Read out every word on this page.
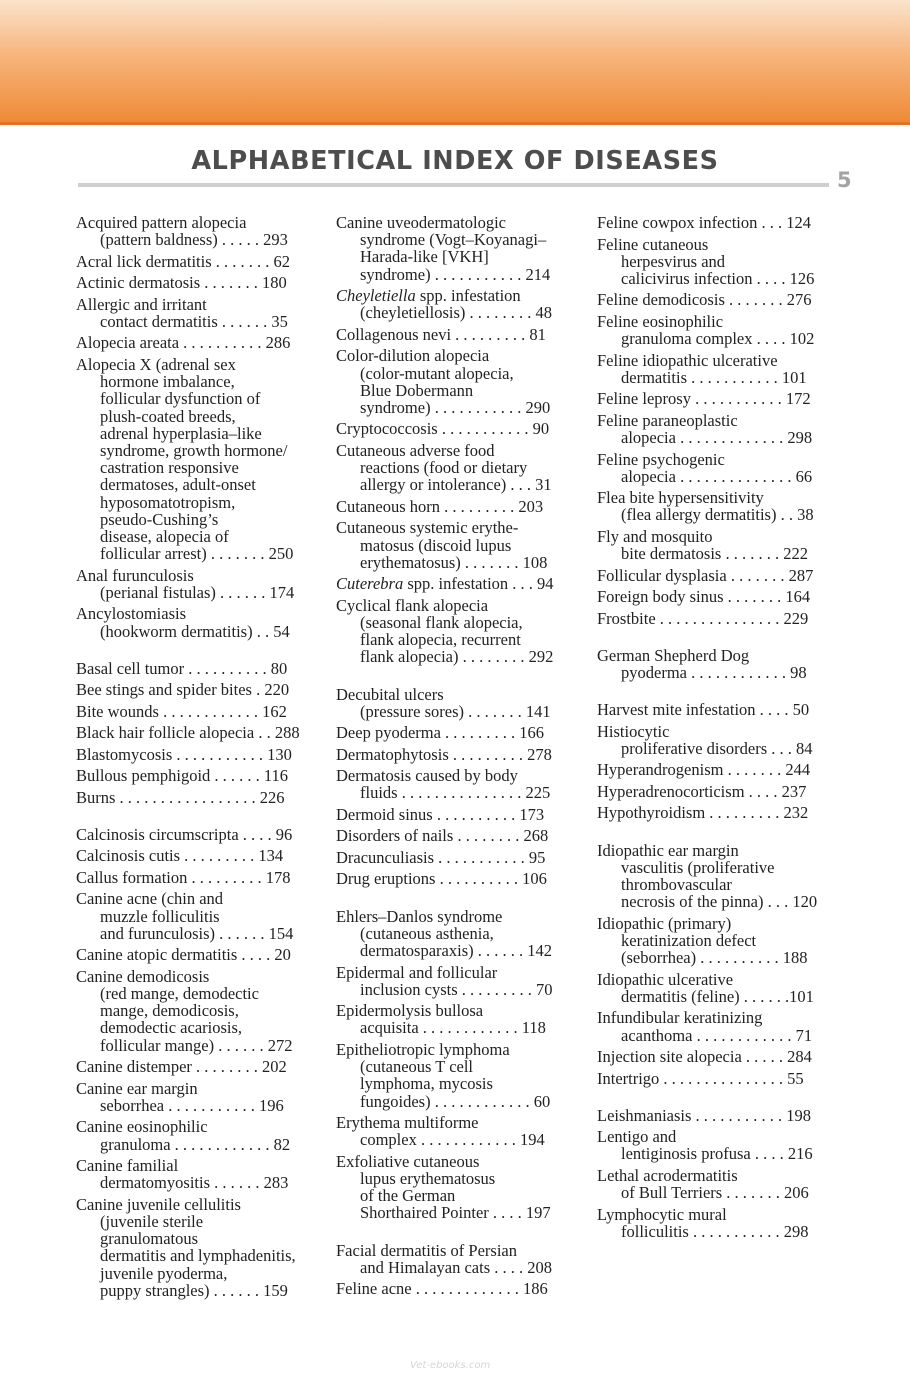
ALPHABETICAL INDEX OF DISEASES
5
Acquired pattern alopecia
(pattern baldness) . . . . . 293
Acral lick dermatitis . . . . . . . 62
Actinic dermatosis . . . . . . . 180
Allergic and irritant
contact dermatitis . . . . . . 35
Alopecia areata . . . . . . . . . . 286
Alopecia X (adrenal sex
hormone imbalance,
follicular dysfunction of
plush-coated breeds,
adrenal hyperplasia–like
syndrome, growth hormone/
castration responsive
dermatoses, adult-onset
hyposomatotropism,
pseudo-Cushing’s
disease, alopecia of
follicular arrest) . . . . . . . 250
Anal furunculosis
(perianal fistulas) . . . . . . 174
Ancylostomiasis
(hookworm dermatitis) . . 54
Basal cell tumor . . . . . . . . . . 80
Bee stings and spider bites . 220
Bite wounds . . . . . . . . . . . . 162
Black hair follicle alopecia . . 288
Blastomycosis . . . . . . . . . . . 130
Bullous pemphigoid . . . . . . 116
Burns . . . . . . . . . . . . . . . . . 226
Calcinosis circumscripta . . . . 96
Calcinosis cutis . . . . . . . . . 134
Callus formation . . . . . . . . . 178
Canine acne (chin and
muzzle folliculitis
and furunculosis) . . . . . . 154
Canine atopic dermatitis . . . . 20
Canine demodicosis
(red mange, demodectic
mange, demodicosis,
demodectic acariosis,
follicular mange) . . . . . . 272
Canine distemper . . . . . . . . 202
Canine ear margin
seborrhea . . . . . . . . . . . 196
Canine eosinophilic
granuloma . . . . . . . . . . . . 82
Canine familial
dermatomyositis . . . . . . 283
Canine juvenile cellulitis
(juvenile sterile
granulomatous
dermatitis and lymphadenitis,
juvenile pyoderma,
puppy strangles) . . . . . . 159
Canine uveodermatologic
syndrome (Vogt–Koyanagi–
Harada-like [VKH]
syndrome) . . . . . . . . . . . 214
Cheyletiella spp. infestation
(cheyletiellosis) . . . . . . . . 48
Collagenous nevi . . . . . . . . . 81
Color-dilution alopecia
(color-mutant alopecia,
Blue Dobermann
syndrome) . . . . . . . . . . . 290
Cryptococcosis . . . . . . . . . . . 90
Cutaneous adverse food
reactions (food or dietary
allergy or intolerance) . . . 31
Cutaneous horn . . . . . . . . . 203
Cutaneous systemic erythe-
matosus (discoid lupus
erythematosus) . . . . . . . 108
Cuterebra spp. infestation . . . 94
Cyclical flank alopecia
(seasonal flank alopecia,
flank alopecia, recurrent
flank alopecia) . . . . . . . . 292
Decubital ulcers
(pressure sores) . . . . . . . 141
Deep pyoderma . . . . . . . . . 166
Dermatophytosis . . . . . . . . . 278
Dermatosis caused by body
fluids . . . . . . . . . . . . . . . 225
Dermoid sinus . . . . . . . . . . 173
Disorders of nails . . . . . . . . 268
Dracunculiasis . . . . . . . . . . . 95
Drug eruptions . . . . . . . . . . 106
Ehlers–Danlos syndrome
(cutaneous asthenia,
dermatosparaxis) . . . . . . 142
Epidermal and follicular
inclusion cysts . . . . . . . . . 70
Epidermolysis bullosa
acquisita . . . . . . . . . . . . 118
Epitheliotropic lymphoma
(cutaneous T cell
lymphoma, mycosis
fungoides) . . . . . . . . . . . . 60
Erythema multiforme
complex . . . . . . . . . . . . 194
Exfoliative cutaneous
lupus erythematosus
of the German
Shorthaired Pointer . . . . 197
Facial dermatitis of Persian
and Himalayan cats . . . . 208
Feline acne . . . . . . . . . . . . . 186
Feline cowpox infection . . . 124
Feline cutaneous
herpesvirus and
calicivirus infection . . . . 126
Feline demodicosis . . . . . . . 276
Feline eosinophilic
granuloma complex . . . . 102
Feline idiopathic ulcerative
dermatitis . . . . . . . . . . . 101
Feline leprosy . . . . . . . . . . . 172
Feline paraneoplastic
alopecia . . . . . . . . . . . . . 298
Feline psychogenic
alopecia . . . . . . . . . . . . . . 66
Flea bite hypersensitivity
(flea allergy dermatitis) . . 38
Fly and mosquito
bite dermatosis . . . . . . . 222
Follicular dysplasia . . . . . . . 287
Foreign body sinus . . . . . . . 164
Frostbite . . . . . . . . . . . . . . . 229
German Shepherd Dog
pyoderma . . . . . . . . . . . . 98
Harvest mite infestation . . . . 50
Histiocytic
proliferative disorders . . . 84
Hyperandrogenism . . . . . . . 244
Hyperadrenocorticism . . . . 237
Hypothyroidism . . . . . . . . . 232
Idiopathic ear margin
vasculitis (proliferative
thrombovascular
necrosis of the pinna) . . . 120
Idiopathic (primary)
keratinization defect
(seborrhea) . . . . . . . . . . 188
Idiopathic ulcerative
dermatitis (feline) . . . . . .101
Infundibular keratinizing
acanthoma . . . . . . . . . . . . 71
Injection site alopecia . . . . . 284
Intertrigo . . . . . . . . . . . . . . . 55
Leishmaniasis . . . . . . . . . . . 198
Lentigo and
lentiginosis profusa . . . . 216
Lethal acrodermatitis
of Bull Terriers . . . . . . . 206
Lymphocytic mural
folliculitis . . . . . . . . . . . 298
Vet-ebooks.com
